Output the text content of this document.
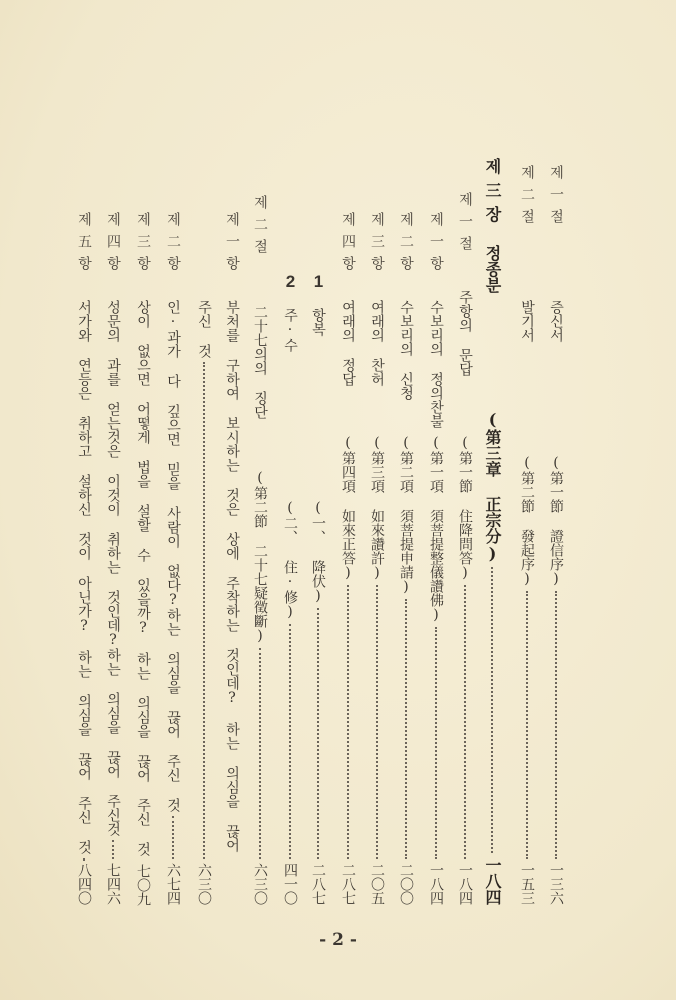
제一절
증신서
(第一節 證信序)
一三六
제二절
발기서
(第二節 發起序)
一五三
제三장
정종분
(第三章 正宗分)
一八四
제一절
주항의 문답
(第一節 住降問答)
一八四
제一항
수보리의 정의찬불
(第一項 須菩提整儀讚佛)
一八四
제二항
수보리의 신청
(第二項 須菩提申請)
二〇〇
제三항
여래의 찬허
(第三項 如來讚許)
二〇五
제四항
여래의 정답
(第四項 如來正答)
二八七
1
항복
(一、 降伏)
二八七
2
주·수
(二、 住·修)
四一〇
제二절
二十七의의 징단
(第二節 二十七疑徵斷)
六三〇
제一항
부처를 구하여 보시하는 것은 상에 주착하는 것인데? 하는 의심을 끊어
주신 것
六三〇
제二항
인·과가 다 깊으면 믿을 사람이 없다?하는 의심을 끊어 주신 것
六七四
제三항
상이 없으면 어떻게 법을 설할 수 있을까? 하는 의심을 끊어 주신 것
七〇九
제四항
성문의 과를 얻는것은 이것이 취하는 것인데?하는 의심을 끊어 주신것
七四六
제五항
서가와 연등은 취하고 설하신 것이 아닌가? 하는 의심을 끊어 주신 것
八四〇
- 2 -
